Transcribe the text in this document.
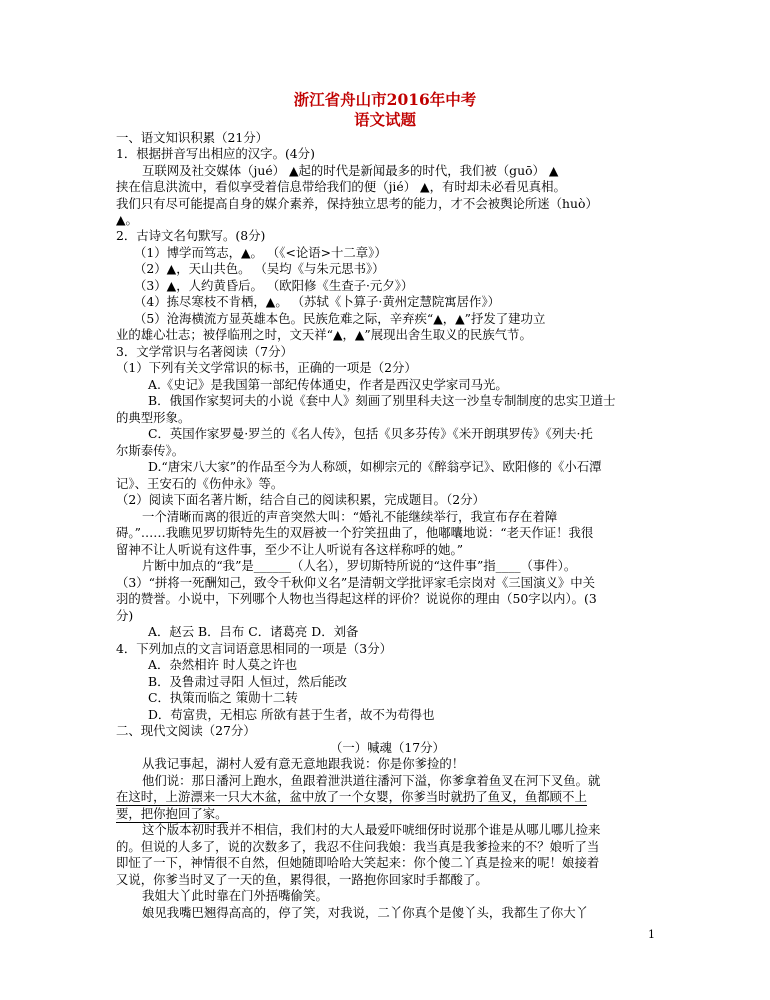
浙江省舟山市2016年中考
语文试题
一、语文知识积累（21分）
1．根据拼音写出相应的汉字。(4分)
互联网及社交媒体（jué） ▲起的时代是新闻最多的时代，我们被（guō） ▲
挟在信息洪流中，看似享受着信息带给我们的便（jié） ▲，有时却未必看见真相。
我们只有尽可能提高自身的媒介素养，保持独立思考的能力，才不会被舆论所迷（huò）
▲。
2．古诗文名句默写。(8分)
（1）博学而笃志，▲。 （《<论语>十二章》）
（2）▲，天山共色。 （吴均《与朱元思书》）
（3）▲，人约黄昏后。 （欧阳修《生查子·元夕》）
（4）拣尽寒枝不肯栖，▲。 （苏轼《卜算子·黄州定慧院寓居作》）
（5）沧海横流方显英雄本色。民族危难之际，辛弃疾“▲，▲”抒发了建功立
业的雄心壮志；被俘临刑之时，文天祥“▲，▲”展现出舍生取义的民族气节。
3．文学常识与名著阅读（7分）
（1）下列有关文学常识的标书，正确的一项是（2分）
A.《史记》是我国第一部纪传体通史，作者是西汉史学家司马光。
B．俄国作家契诃夫的小说《套中人》刻画了别里科夫这一沙皇专制制度的忠实卫道士
的典型形象。
C．英国作家罗曼·罗兰的《名人传》，包括《贝多芬传》《米开朗琪罗传》《列夫·托
尔斯泰传》。
D.“唐宋八大家”的作品至今为人称颂，如柳宗元的《醉翁亭记》、欧阳修的《小石潭
记》、王安石的《伤仲永》等。
（2）阅读下面名著片断，结合自己的阅读积累，完成题目。（2分）
一个清晰而离的很近的声音突然大叫：“婚礼不能继续举行，我宣布存在着障
碍。”……我瞧见罗切斯特先生的双唇被一个狞笑扭曲了，他嘟囔地说：“老天作证！我很
留神不让人听说有这件事，至少不让人听说有各这样称呼的她。”
片断中加点的“我”是______（人名），罗切斯特所说的“这件事”指____（事件）。
（3）“拼将一死酬知己，致令千秋仰义名”是清朝文学批评家毛宗岗对《三国演义》中关
羽的赞誉。小说中，下列哪个人物也当得起这样的评价？说说你的理由（50字以内）。(3
分)
A．赵云 B．吕布 C．诸葛亮 D．刘备
4．下列加点的文言词语意思相同的一项是（3分）
A．杂然相许 时人莫之许也
B．及鲁肃过寻阳 人恒过，然后能改
C．执策而临之 策勋十二转
D．苟富贵，无相忘 所欲有甚于生者，故不为苟得也
二、现代文阅读（27分）
（一）喊魂（17分）
从我记事起，湖村人爱有意无意地跟我说：你是你爹捡的！
他们说：那日潘河上跑水，鱼跟着泄洪道往潘河下溢，你爹拿着鱼叉在河下叉鱼。就
在这时，上游漂来一只大木盆，盆中放了一个女婴，你爹当时就扔了鱼叉，鱼都顾不上
要，把你抱回了家。
这个版本初时我并不相信，我们村的大人最爱吓唬细伢时说那个谁是从哪儿哪儿捡来
的。但说的人多了，说的次数多了，我忍不住问我娘：我当真是我爹捡来的不？娘听了当
即怔了一下，神情很不自然，但她随即哈哈大笑起来：你个傻二丫真是捡来的呢！娘接着
又说，你爹当时叉了一天的鱼，累得很，一路抱你回家时手都酸了。
我姐大丫此时靠在门外捂嘴偷笑。
娘见我嘴巴翘得高高的，停了笑，对我说，二丫你真个是傻丫头，我都生了你大丫
1
